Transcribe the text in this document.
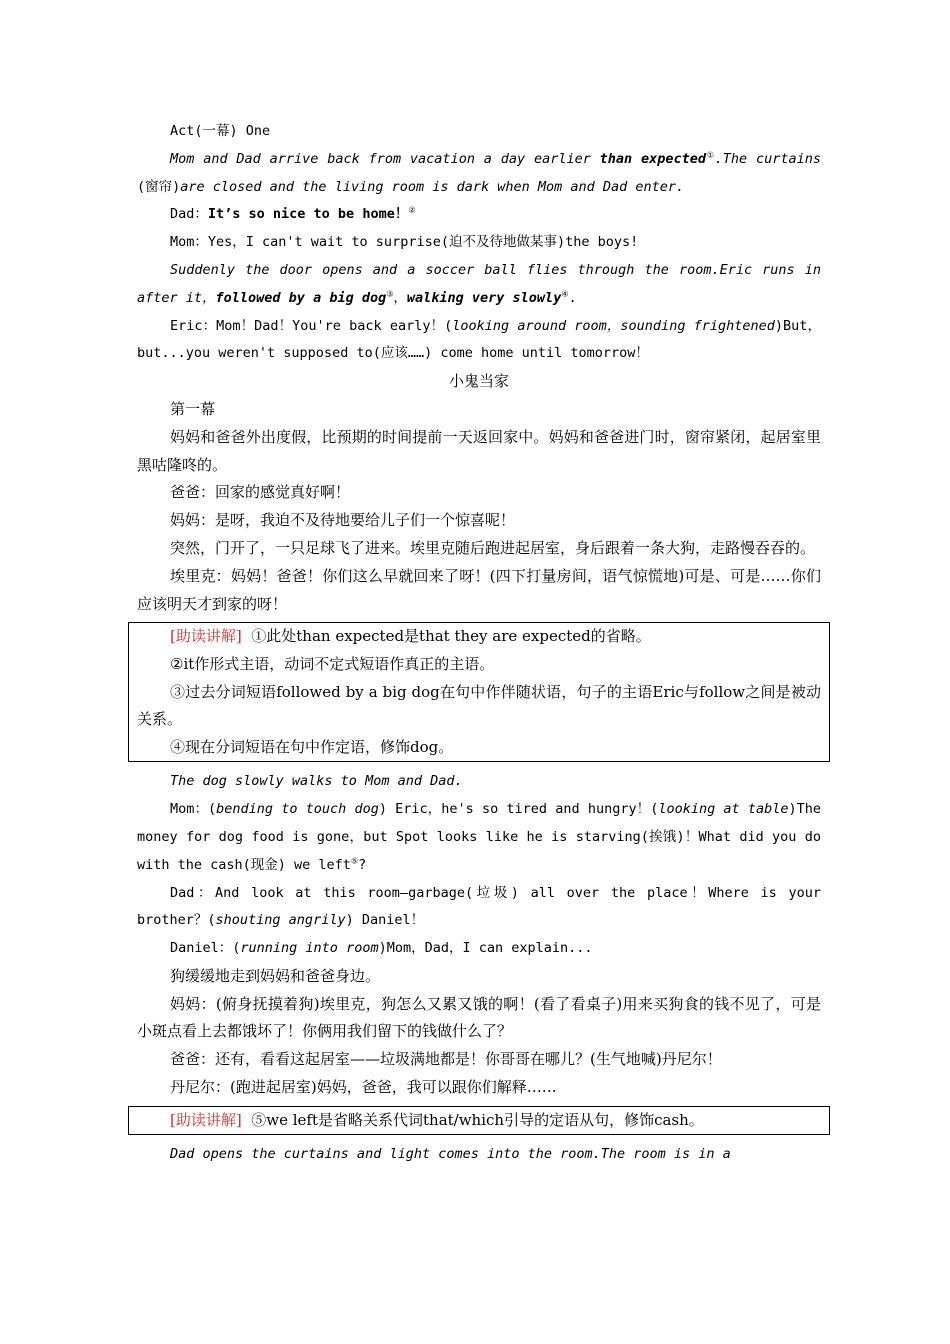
Act(一幕) One

Mom and Dad arrive back from vacation a day earlier than expected①.The curtains (窗帘)are closed and the living room is dark when Mom and Dad enter.

Dad：It’s so nice to be home！②

Mom：Yes，I can't wait to surprise(迫不及待地做某事)the boys!

Suddenly the door opens and a soccer ball flies through the room.Eric runs in after it，followed by a big dog③，walking very slowly④.

Eric：Mom！Dad！You're back early！(looking around room，sounding frightened)But，but...you weren't supposed to(应该……) come home until tomorrow！

小鬼当家

第一幕

妈妈和爸爸外出度假，比预期的时间提前一天返回家中。妈妈和爸爸进门时，窗帘紧闭，起居室里黑咕隆咚的。

爸爸：回家的感觉真好啊！

妈妈：是呀，我迫不及待地要给儿子们一个惊喜呢！

突然，门开了，一只足球飞了进来。埃里克随后跑进起居室，身后跟着一条大狗，走路慢吞吞的。

埃里克：妈妈！爸爸！你们这么早就回来了呀！(四下打量房间，语气惊慌地)可是、可是……你们应该明天才到家的呀！

[助读讲解] ①此处than expected是that they are expected的省略。

②it作形式主语，动词不定式短语作真正的主语。

③过去分词短语followed by a big dog在句中作伴随状语，句子的主语Eric与follow之间是被动关系。

④现在分词短语在句中作定语，修饰dog。

The dog slowly walks to Mom and Dad.

Mom：(bending to touch dog) Eric，he's so tired and hungry！(looking at table)The money for dog food is gone，but Spot looks like he is starving(挨饿)！What did you do with the cash(现金) we left⑤?

Dad：And look at this room—garbage(垃圾) all over the place！Where is your brother？(shouting angrily) Daniel！

Daniel：(running into room)Mom，Dad，I can explain...

狗缓缓地走到妈妈和爸爸身边。

妈妈：(俯身抚摸着狗)埃里克，狗怎么又累又饿的啊！(看了看桌子)用来买狗食的钱不见了，可是小斑点看上去都饿坏了！你俩用我们留下的钱做什么了？

爸爸：还有，看看这起居室——垃圾满地都是！你哥哥在哪儿？(生气地喊)丹尼尔！

丹尼尔：(跑进起居室)妈妈，爸爸，我可以跟你们解释……

[助读讲解] ⑤we left是省略关系代词that/which引导的定语从句，修饰cash。

Dad opens the curtains and light comes into the room.The room is in a
